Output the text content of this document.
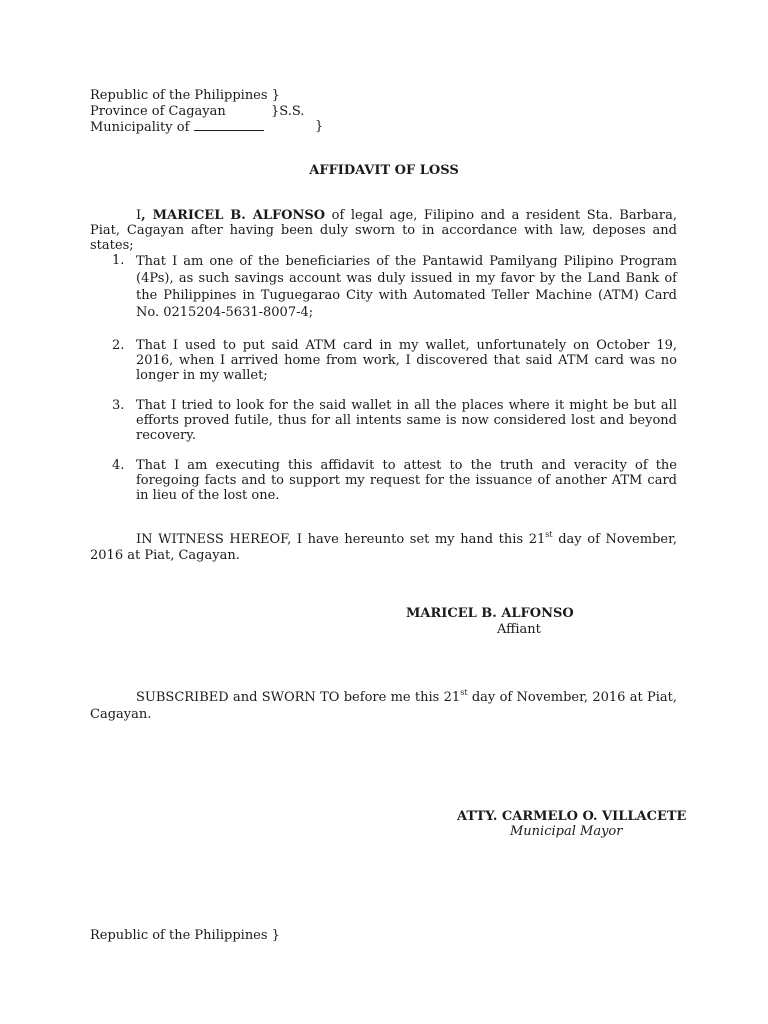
Republic of the Philippines }
Province of Cagayan	}S.S.
Municipality of	}
AFFIDAVIT OF LOSS
I, MARICEL B. ALFONSO of legal age, Filipino and a resident Sta. Barbara, Piat, Cagayan after having been duly sworn to in accordance with law, deposes and states;
1. That I am one of the beneficiaries of the Pantawid Pamilyang Pilipino Program (4Ps), as such savings account was duly issued in my favor by the Land Bank of the Philippines in Tuguegarao City with Automated Teller Machine (ATM) Card No. 0215204-5631-8007-4;
2. That I used to put said ATM card in my wallet, unfortunately on October 19, 2016, when I arrived home from work, I discovered that said ATM card was no longer in my wallet;
3. That I tried to look for the said wallet in all the places where it might be but all efforts proved futile, thus for all intents same is now considered lost and beyond recovery.
4. That I am executing this affidavit to attest to the truth and veracity of the foregoing facts and to support my request for the issuance of another ATM card in lieu of the lost one.
IN WITNESS HEREOF, I have hereunto set my hand this 21st day of November, 2016 at Piat, Cagayan.
MARICEL B. ALFONSO
Affiant
SUBSCRIBED and SWORN TO before me this 21st day of November, 2016 at Piat, Cagayan.
ATTY. CARMELO O. VILLACETE
Municipal Mayor
Republic of the Philippines }
